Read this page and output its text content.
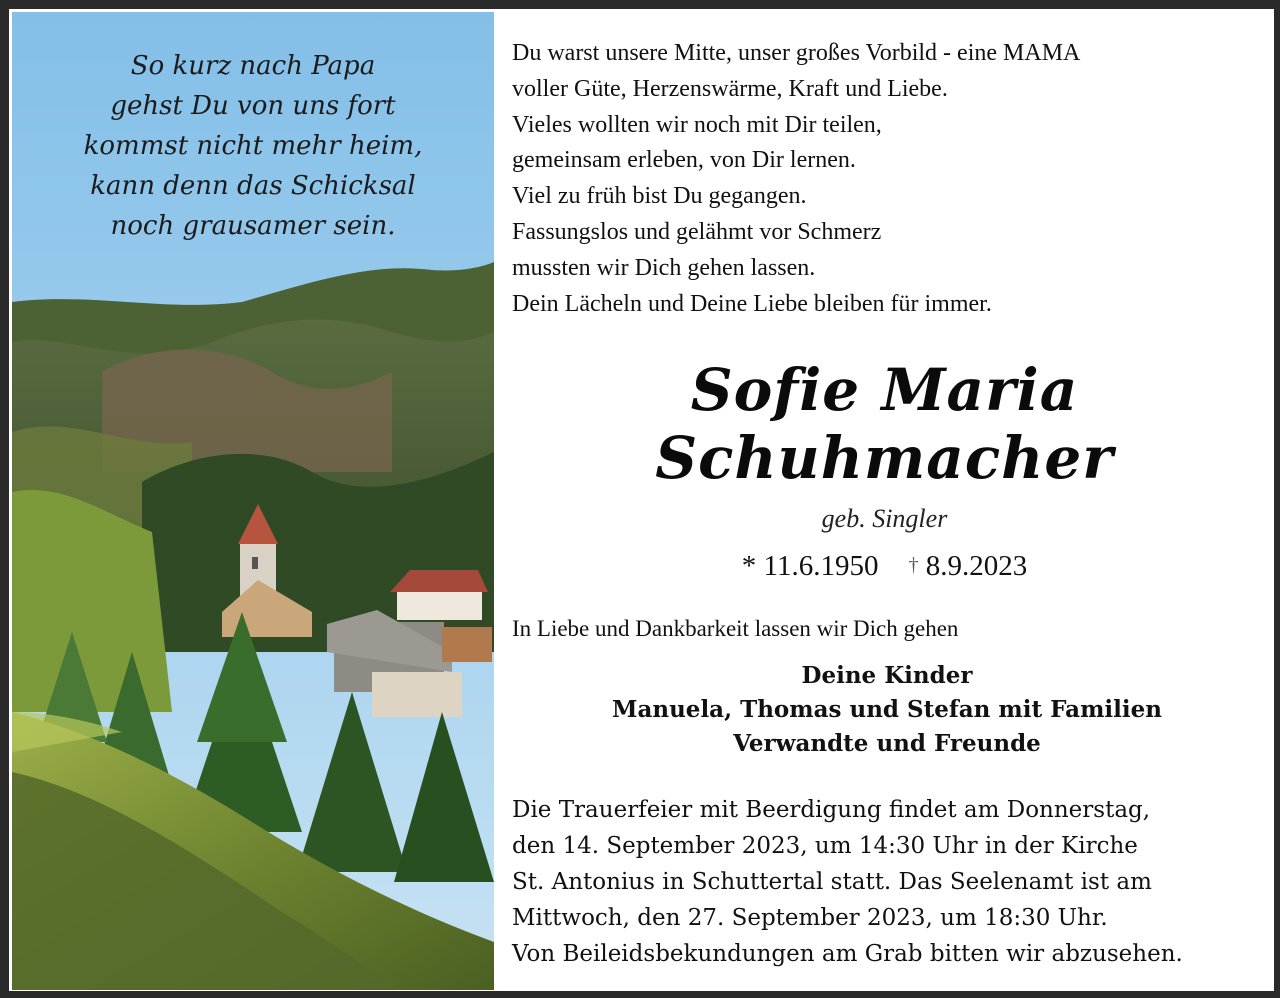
So kurz nach Papa
gehst Du von uns fort
kommst nicht mehr heim,
kann denn das Schicksal
noch grausamer sein.
Du warst unsere Mitte, unser großes Vorbild - eine MAMA
voller Güte, Herzenswärme, Kraft und Liebe.
Vieles wollten wir noch mit Dir teilen,
gemeinsam erleben, von Dir lernen.
Viel zu früh bist Du gegangen.
Fassungslos und gelähmt vor Schmerz
mussten wir Dich gehen lassen.
Dein Lächeln und Deine Liebe bleiben für immer.
Sofie Maria
Schuhmacher
geb. Singler
* 11.6.1950 † 8.9.2023
In Liebe und Dankbarkeit lassen wir Dich gehen
Deine Kinder
Manuela, Thomas und Stefan mit Familien
Verwandte und Freunde
Die Trauerfeier mit Beerdigung findet am Donnerstag,
den 14. September 2023, um 14:30 Uhr in der Kirche
St. Antonius in Schuttertal statt. Das Seelenamt ist am
Mittwoch, den 27. September 2023, um 18:30 Uhr.
Von Beileidsbekundungen am Grab bitten wir abzusehen.
